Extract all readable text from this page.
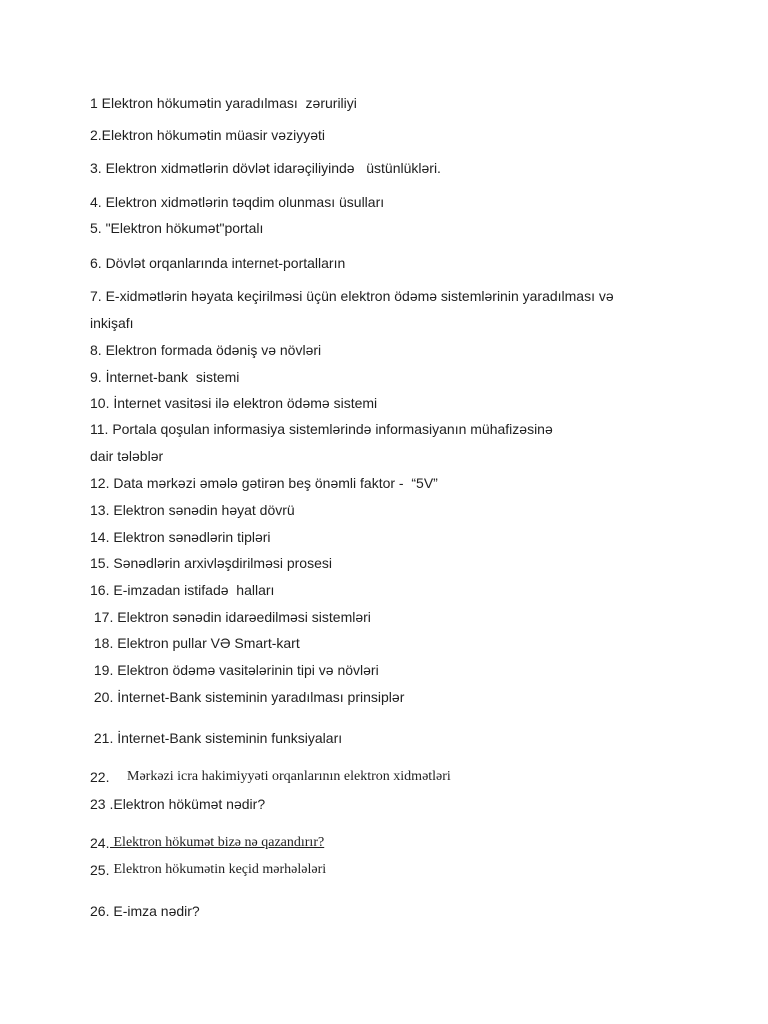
1 Elektron hökumətin yaradılması  zəruriliyi
2.Elektron hökumətin müasir vəziyyəti
3. Elektron xidmətlərin dövlət idarəçiliyində   üstünlükləri.
4. Elektron xidmətlərin təqdim olunması üsulları
5. "Elektron hökumət"portalı
6. Dövlət orqanlarında internet-portalların
7. E-xidmətlərin həyata keçirilməsi üçün elektron ödəmə sistemlərinin yaradılması və
inkişafı
8. Elektron formada ödəniş və növləri
9. İnternet-bank  sistemi
10. İnternet vasitəsi ilə elektron ödəmə sistemi
11. Portala qoşulan informasiya sistemlərində informasiyanın mühafizəsinə
dair tələblər
12. Data mərkəzi əmələ gətirən beş önəmli faktor -  “5V”
13. Elektron sənədin həyat dövrü
14. Elektron sənədlərin tipləri
15. Sənədlərin arxivləşdirilməsi prosesi
16. E-imzadan istifadə  halları
17. Elektron sənədin idarəedilməsi sistemləri
18. Elektron pullar VƏ Smart-kart
19. Elektron ödəmə vasitələrinin tipi və növləri
20. İnternet-Bank sisteminin yaradılması prinsiplər
21. İnternet-Bank sisteminin funksiyaları
22. Mərkəzi icra hakimiyyəti orqanlarının elektron xidmətləri
23 .Elektron hökümət nədir?
24. Elektron hökumət bizə nə qazandırır?
25. Elektron hökumətin keçid mərhələləri
26. E-imza nədir?
